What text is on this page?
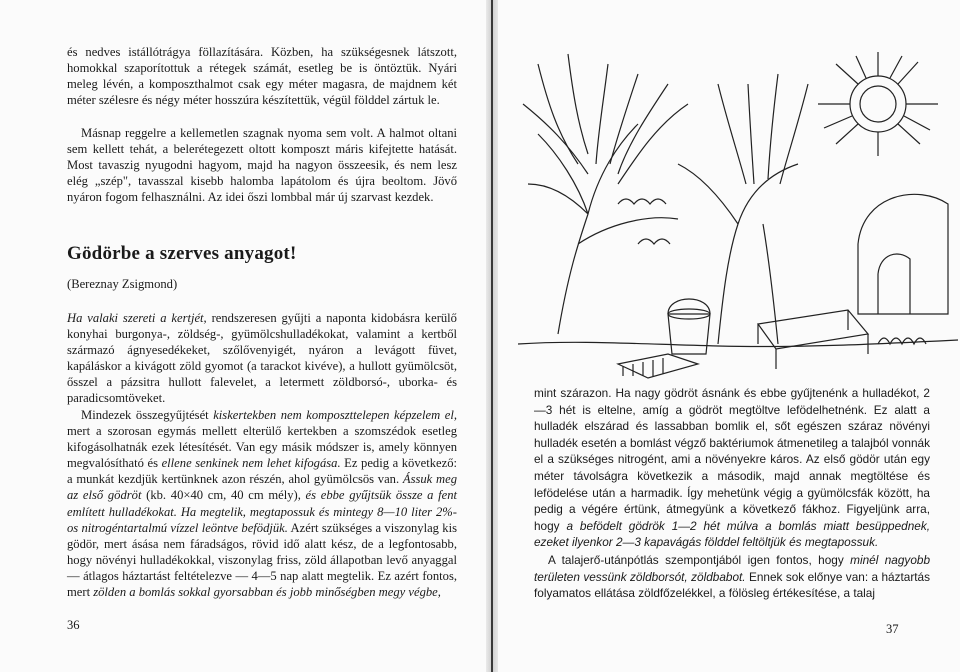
és nedves istállótrágya föllazítására. Közben, ha szükségesnek látszott, homokkal szaporítottuk a rétegek számát, esetleg be is öntöztük. Nyári meleg lévén, a komposzthalmot csak egy méter magasra, de majdnem két méter szélesre és négy méter hosszúra készítettük, végül földdel zártuk le.

Másnap reggelre a kellemetlen szagnak nyoma sem volt. A halmot oltani sem kellett tehát, a belerétegezett oltott komposzt máris kifejtette hatását. Most tavaszig nyugodni hagyom, majd ha nagyon összeesik, és nem lesz elég „szép", tavasszal kisebb halomba lapátolom és újra beoltom. Jövő nyáron fogom felhasználni. Az idei őszi lombbal már új szarvast kezdek.

Gödörbe a szerves anyagot!

(Bereznay Zsigmond)

Ha valaki szereti a kertjét, rendszeresen gyűjti a naponta kidobásra kerülő konyhai burgonya-, zöldség-, gyümölcshulladékokat, valamint a kertből származó ágnyesedékeket, szőlővenyigét, nyáron a levágott füvet, kapáláskor a kivágott zöld gyomot (a tarackot kivéve), a hullott gyümölcsöt, ősszel a pázsitra hullott falevelet, a letermett zöldborsó-, uborka- és paradicsomtöveket.

Mindezek összegyűjtését kiskertekben nem komposztteleрen képzelem el, mert a szorosan egymás mellett elterülő kertekben a szomszédok esetleg kifogásolhatnák ezek létesítését. Van egy másik módszer is, amely könnyen megvalósítható és ellene senkinek nem lehet kifogása. Ez pedig a következő: a munkát kezdjük kertünknek azon részén, ahol gyümölcsös van. Ássuk meg az első gödröt (kb. 40×40 cm, 40 cm mély), és ebbe gyűjtsük össze a fent említett hulladékokat. Ha megtelik, megtapossuk és mintegy 8—10 liter 2%-os nitrogéntartalmú vízzel leöntve befödjük. Azért szükséges a viszonylag kis gödör, mert ásása nem fáradságos, rövid idő alatt kész, de a legfontosabb, hogy növényi hulladékokkal, viszonylag friss, zöld állapotban levő anyaggal — átlagos háztartást feltételezve — 4—5 nap alatt megtelik. Ez azért fontos, mert zölden a bomlás sokkal gyorsabban és jobb minőségben megy végbe,

36

mint szárazon. Ha nagy gödröt ásnánk és ebbe gyűjtenénk a hulladékot, 2—3 hét is eltelne, amíg a gödröt megtöltve lefödelhetnénk. Ez alatt a hulladék elszárad és lassabban bomlik el, sőt egészen száraz növényi hulladék esetén a bomlást végző baktériumok átmenetileg a talajból vonnák el a szükséges nitrogént, ami a növényekre káros. Az első gödör után egy méter távolságra következik a második, majd annak megtöltése és lefödelése után a harmadik. Így mehetünk végig a gyümölcsfák között, ha pedig a végére értünk, átmegyünk a következő fákhoz. Figyeljünk arra, hogy a befödelt gödrök 1—2 hét múlva a bomlás miatt besüppednek, ezeket ilyenkor 2—3 kapavágás földdel feltöltjük és megtapossuk.

A talajerő-utánpótlás szempontjából igen fontos, hogy minél nagyobb területen vessünk zöldborsót, zöldbabot. Ennek sok előnye van: a háztartás folyamatos ellátása zöldfőzelékkel, a fölösleg értékesítése, a talaj

37
